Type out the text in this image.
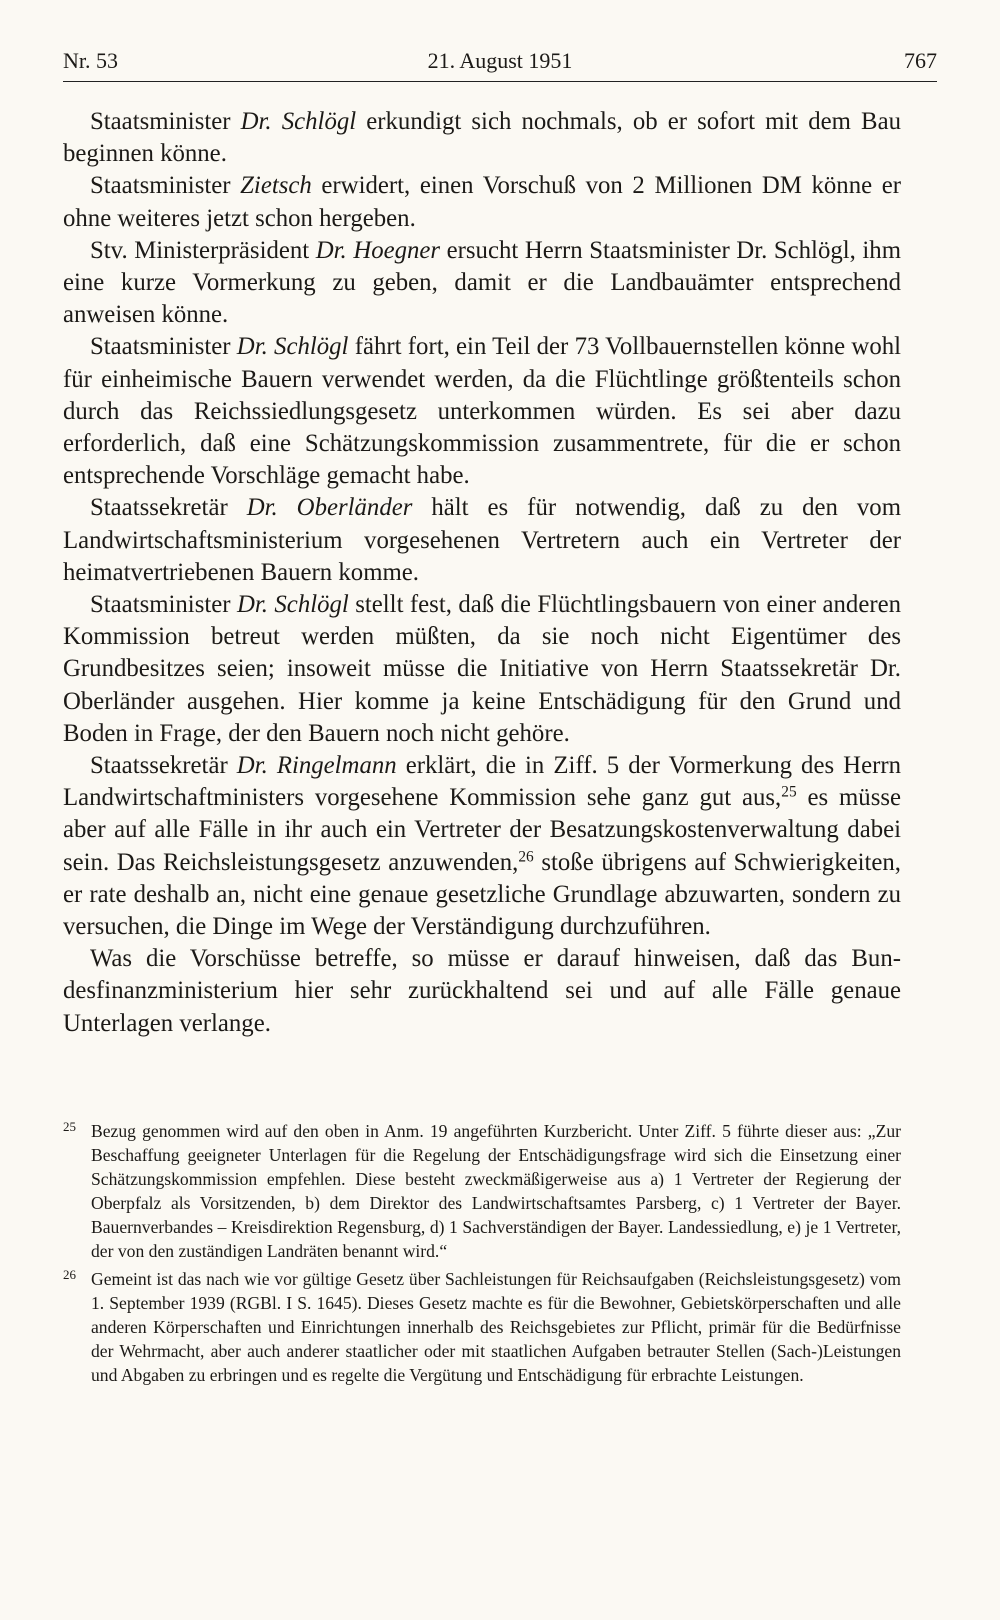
Nr. 53	21. August 1951	767

Staatsminister Dr. Schlögl erkundigt sich nochmals, ob er sofort mit dem Bau beginnen könne.

Staatsminister Zietsch erwidert, einen Vorschuß von 2 Millionen DM könne er ohne weiteres jetzt schon hergeben.

Stv. Ministerpräsident Dr. Hoegner ersucht Herrn Staatsminister Dr. Schlögl, ihm eine kurze Vormerkung zu geben, damit er die Landbauämter entsprechend anweisen könne.

Staatsminister Dr. Schlögl fährt fort, ein Teil der 73 Vollbauernstellen könne wohl für einheimische Bauern verwendet werden, da die Flüchtlinge größtenteils schon durch das Reichssiedlungsgesetz unterkommen würden. Es sei aber dazu erforderlich, daß eine Schätzungskommission zusammentrete, für die er schon entsprechende Vorschläge gemacht habe.

Staatssekretär Dr. Oberländer hält es für notwendig, daß zu den vom Landwirtschaftsministerium vorgesehenen Vertretern auch ein Vertreter der heimatvertriebenen Bauern komme.

Staatsminister Dr. Schlögl stellt fest, daß die Flüchtlingsbauern von einer anderen Kommission betreut werden müßten, da sie noch nicht Eigentümer des Grundbesitzes seien; insoweit müsse die Initiative von Herrn Staatssekretär Dr. Oberländer ausgehen. Hier komme ja keine Entschädigung für den Grund und Boden in Frage, der den Bauern noch nicht gehöre.

Staatssekretär Dr. Ringelmann erklärt, die in Ziff. 5 der Vormerkung des Herrn Landwirtschaftministers vorgesehene Kommission sehe ganz gut aus,$^{25}$ es müsse aber auf alle Fälle in ihr auch ein Vertreter der Besatzungskostenverwaltung dabei sein. Das Reichsleistungsgesetz anzuwenden,$^{26}$ stoße übrigens auf Schwierigkeiten, er rate deshalb an, nicht eine genaue gesetzliche Grundlage abzuwarten, sondern zu versuchen, die Dinge im Wege der Verständigung durchzuführen.

Was die Vorschüsse betreffe, so müsse er darauf hinweisen, daß das Bundesfinanzministerium hier sehr zurückhaltend sei und auf alle Fälle genaue Unterlagen verlange.

25 Bezug genommen wird auf den oben in Anm. 19 angeführten Kurzbericht. Unter Ziff. 5 führte dieser aus: „Zur Beschaffung geeigneter Unterlagen für die Regelung der Entschädigungsfrage wird sich die Einsetzung einer Schätzungskommission empfehlen. Diese besteht zweckmäßigerweise aus a) 1 Vertreter der Regierung der Oberpfalz als Vorsitzenden, b) dem Direktor des Landwirtschaftsamtes Parsberg, c) 1 Vertreter der Bayer. Bauernverbandes – Kreisdirektion Regensburg, d) 1 Sachverständigen der Bayer. Landessiedlung, e) je 1 Vertreter, der von den zuständigen Landräten benannt wird.“
26 Gemeint ist das nach wie vor gültige Gesetz über Sachleistungen für Reichsaufgaben (Reichsleistungsgesetz) vom 1. September 1939 (RGBl. I S. 1645). Dieses Gesetz machte es für die Bewohner, Gebietskörperschaften und alle anderen Körperschaften und Einrichtungen innerhalb des Reichsgebietes zur Pflicht, primär für die Bedürfnisse der Wehrmacht, aber auch anderer staatlicher oder mit staatlichen Aufgaben betrauter Stellen (Sach-)Leistungen und Abgaben zu erbringen und es regelte die Vergütung und Entschädigung für erbrachte Leistungen.
